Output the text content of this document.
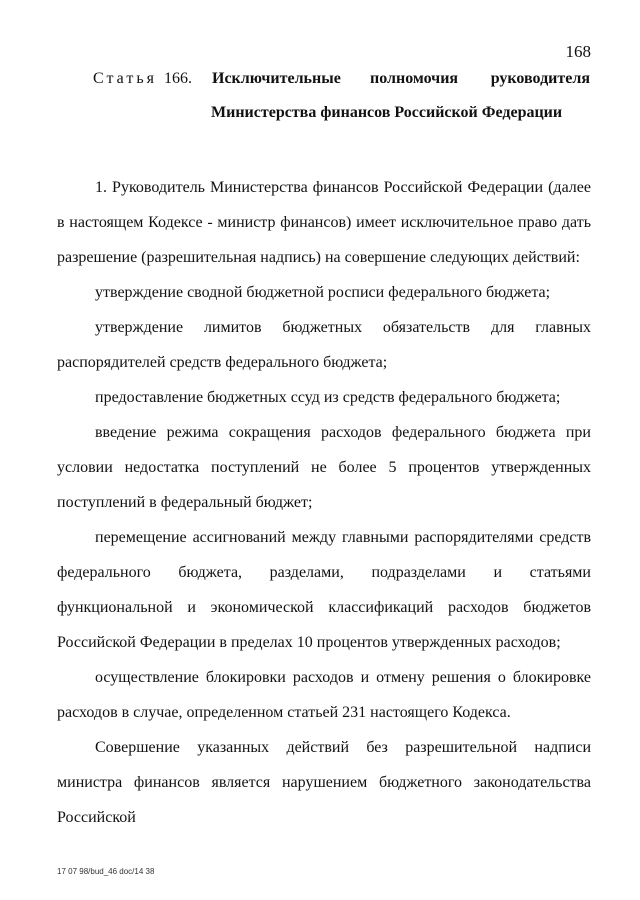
168
Статья 166. Исключительные полномочия руководителя
Министерства финансов Российской Федерации

1. Руководитель Министерства финансов Российской Федерации (далее в настоящем Кодексе - министр финансов) имеет исключительное право дать разрешение (разрешительная надпись) на совершение следующих действий:

утверждение сводной бюджетной росписи федерального бюджета;

утверждение лимитов бюджетных обязательств для главных распорядителей средств федерального бюджета;

предоставление бюджетных ссуд из средств федерального бюджета;

введение режима сокращения расходов федерального бюджета при условии недостатка поступлений не более 5 процентов утвержденных поступлений в федеральный бюджет;

перемещение ассигнований между главными распорядителями средств федерального бюджета, разделами, подразделами и статьями функциональной и экономической классификаций расходов бюджетов Российской Федерации в пределах 10 процентов утвержденных расходов;

осуществление блокировки расходов и отмену решения о блокировке расходов в случае, определенном статьей 231 настоящего Кодекса.

Совершение указанных действий без разрешительной надписи министра финансов является нарушением бюджетного законодательства Российской

17 07 98/bud_46 doc/14 38
